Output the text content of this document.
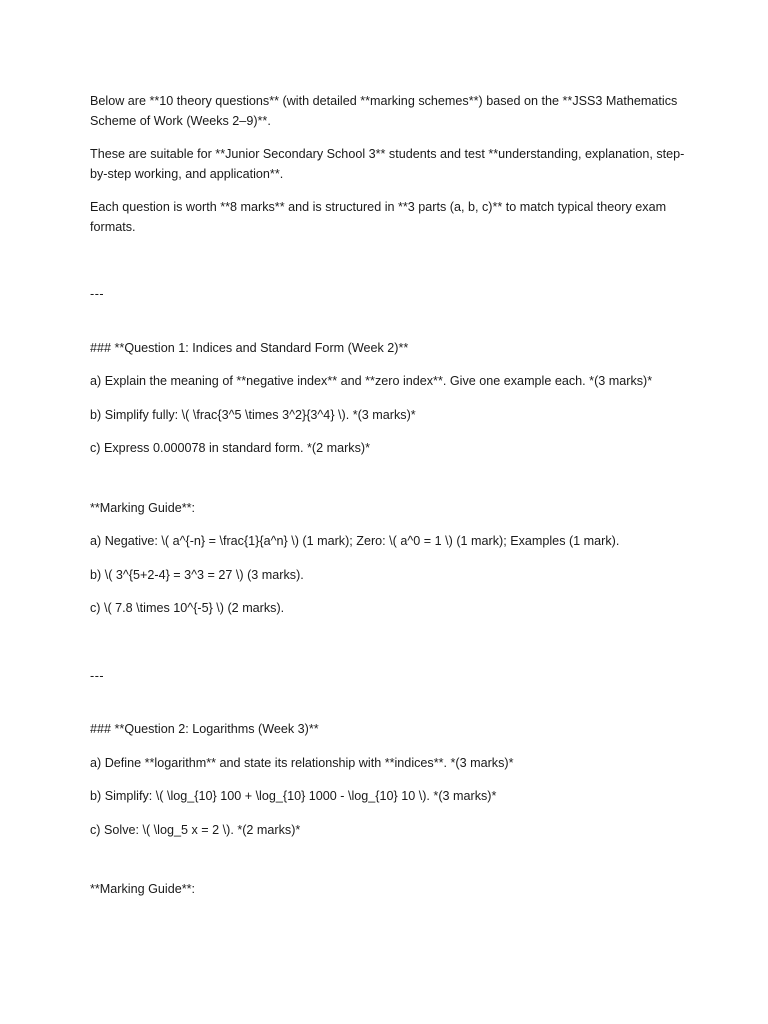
Below are **10 theory questions** (with detailed **marking schemes**) based on the **JSS3 Mathematics Scheme of Work (Weeks 2–9)**.

These are suitable for **Junior Secondary School 3** students and test **understanding, explanation, step-by-step working, and application**.

Each question is worth **8 marks** and is structured in **3 parts (a, b, c)** to match typical theory exam formats.

---

### **Question 1: Indices and Standard Form (Week 2)**

a) Explain the meaning of **negative index** and **zero index**. Give one example each. *(3 marks)*

b) Simplify fully: \( \frac{3^5 \times 3^2}{3^4} \). *(3 marks)*

c) Express 0.000078 in standard form. *(2 marks)*

**Marking Guide**:

a) Negative: \( a^{-n} = \frac{1}{a^n} \) (1 mark); Zero: \( a^0 = 1 \) (1 mark); Examples (1 mark).

b) \( 3^{5+2-4} = 3^3 = 27 \) (3 marks).

c) \( 7.8 \times 10^{-5} \) (2 marks).

---

### **Question 2: Logarithms (Week 3)**

a) Define **logarithm** and state its relationship with **indices**. *(3 marks)*

b) Simplify: \( \log_{10} 100 + \log_{10} 1000 - \log_{10} 10 \). *(3 marks)*

c) Solve: \( \log_5 x = 2 \). *(2 marks)*

**Marking Guide**:
